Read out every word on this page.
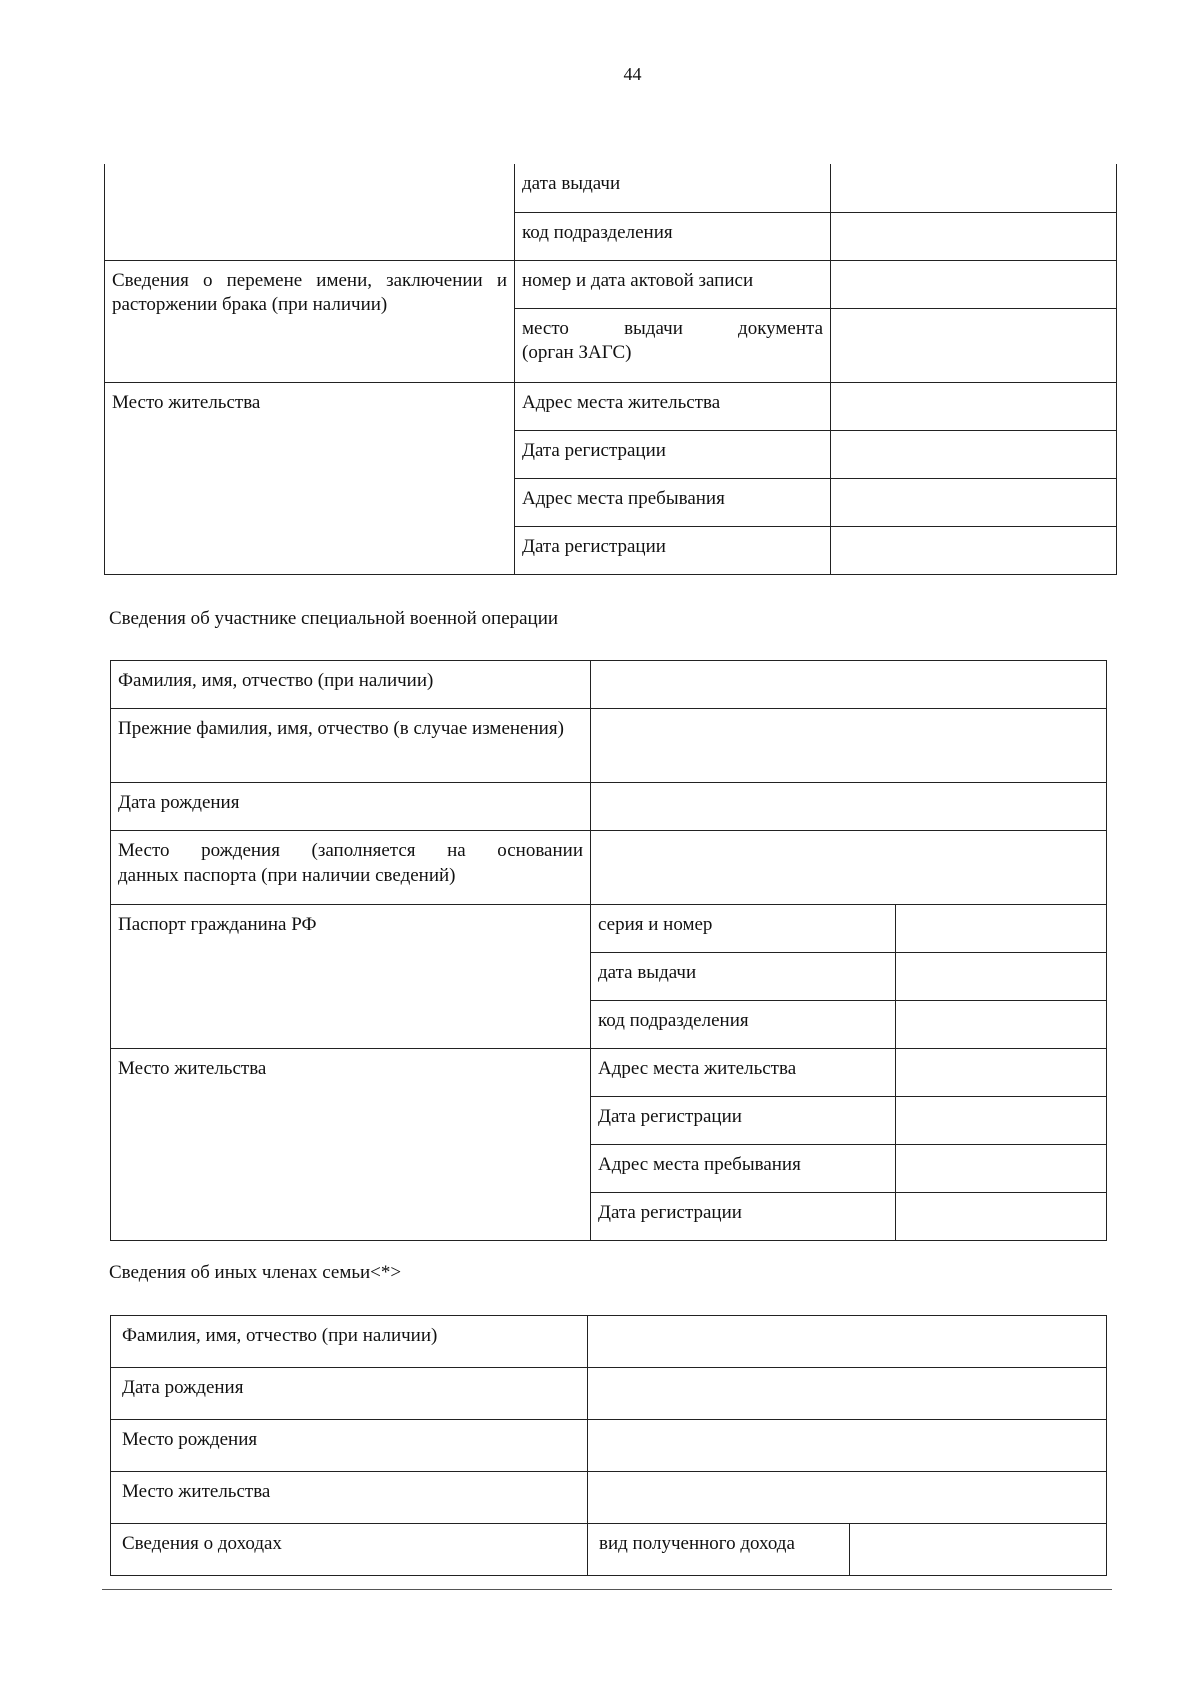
44
	дата выдачи	
	код подразделения	
Сведения о перемене имени, заключении и расторжении брака (при наличии)	номер и дата актовой записи	

	место выдачи документа
(орган ЗАГС)	

Место жительства	Адрес места жительства	
	Дата регистрации	
	Адрес места пребывания	
	Дата регистрации	
Сведения об участнике специальной военной операции
Фамилия, имя, отчество (при наличии)		
Прежние фамилия, имя, отчество (в случае изменения)		
Дата рождения		

Место рождения (заполняется на основании
данных паспорта (при наличии сведений)		

Паспорт гражданина РФ	серия и номер	
	дата выдачи	
	код подразделения	
Место жительства	Адрес места жительства	
	Дата регистрации	
	Адрес места пребывания	
	Дата регистрации	
Сведения об иных членах семьи<*>
Фамилия, имя, отчество (при наличии)		
Дата рождения		
Место рождения		
Место жительства		
Сведения о доходах	вид полученного дохода	
